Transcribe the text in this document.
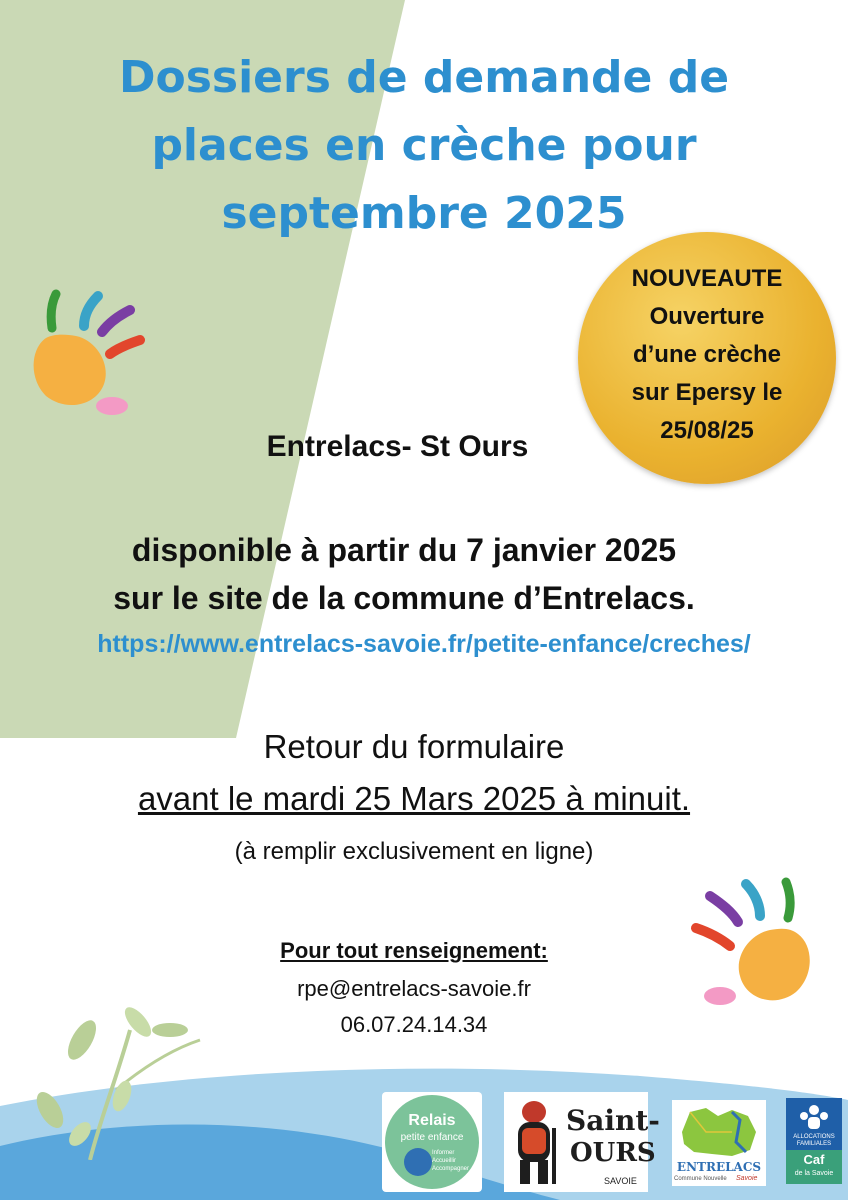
Dossiers de demande de
places en crèche pour
septembre 2025
NOUVEAUTE
Ouverture
d’une crèche
sur Epersy le
25/08/25
Entrelacs- St Ours
disponible à partir du 7 janvier 2025
sur le site de la commune d’Entrelacs.
https://www.entrelacs-savoie.fr/petite-enfance/creches/
Retour du formulaire
avant le mardi 25 Mars 2025 à minuit.
(à remplir exclusivement en ligne)
Pour tout renseignement:
rpe@entrelacs-savoie.fr
06.07.24.14.34
Relais
petite enfance
Informer
Accueillir
Accompagner
Saint-
OURS
SAVOIE
ENTRELACS
Commune Nouvelle Savoie
ALLOCATIONS
FAMILIALES
Caf
de la Savoie
